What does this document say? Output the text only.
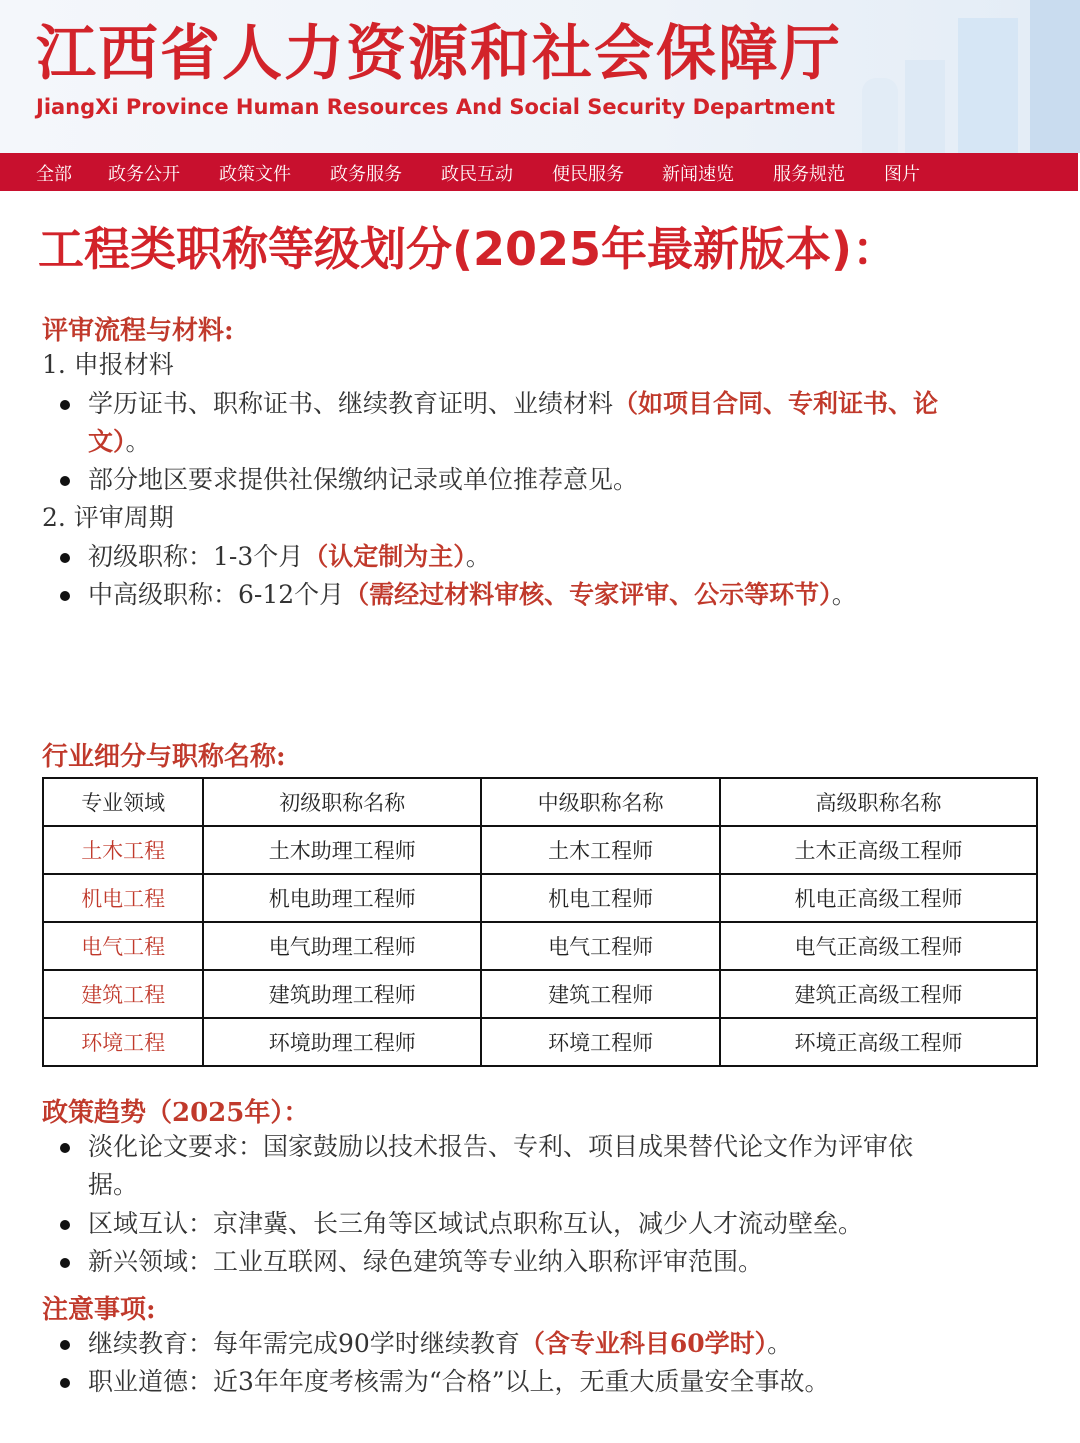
江西省人力资源和社会保障厅
JiangXi Province Human Resources And Social Security Department
全部 政务公开 政策文件 政务服务 政民互动 便民服务 新闻速览 服务规范 图片
工程类职称等级划分(2025年最新版本)：
评审流程与材料:
1. 申报材料
学历证书、职称证书、继续教育证明、业绩材料（如项目合同、专利证书、论
文）。
部分地区要求提供社保缴纳记录或单位推荐意见。
2. 评审周期
初级职称：1-3个月（认定制为主）。
中高级职称：6-12个月（需经过材料审核、专家评审、公示等环节）。
行业细分与职称名称:
专业领域	初级职称名称	中级职称名称	高级职称名称
土木工程	土木助理工程师	土木工程师	土木正高级工程师
机电工程	机电助理工程师	机电工程师	机电正高级工程师
电气工程	电气助理工程师	电气工程师	电气正高级工程师
建筑工程	建筑助理工程师	建筑工程师	建筑正高级工程师
环境工程	环境助理工程师	环境工程师	环境正高级工程师
政策趋势（2025年）：
淡化论文要求：国家鼓励以技术报告、专利、项目成果替代论文作为评审依
据。
区域互认：京津冀、长三角等区域试点职称互认，减少人才流动壁垒。
新兴领域：工业互联网、绿色建筑等专业纳入职称评审范围。
注意事项:
继续教育：每年需完成90学时继续教育（含专业科目60学时）。
职业道德：近3年年度考核需为“合格”以上，无重大质量安全事故。
